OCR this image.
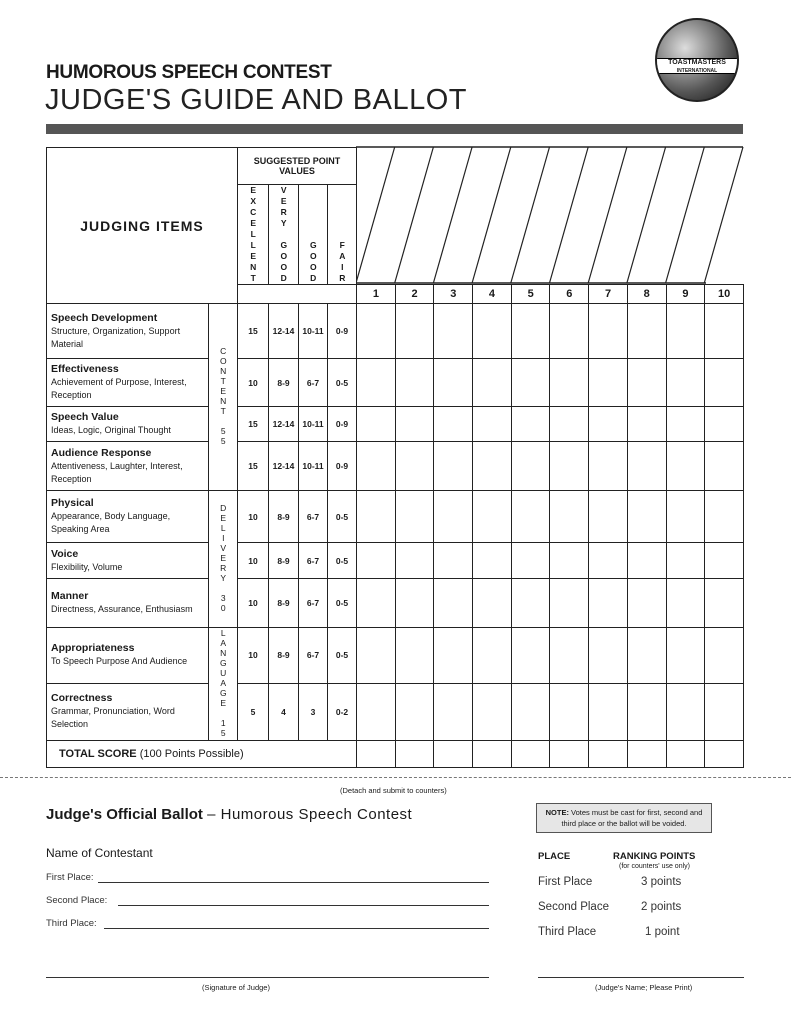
HUMOROUS SPEECH CONTEST
JUDGE'S GUIDE AND BALLOT
TOASTMASTERS
INTERNATIONAL
JUDGING ITEMS		SUGGESTED POINT VALUES													

		EXCELLENT	VERY GOOD	GOOD	FAIR										

						1	2	3	4	5	6	7	8	9	10

Speech Development
Structure, Organization, Support Material	CONTENT 55	15	12-14	10-11	0-9										

Effectiveness
Achievement of Purpose, Interest, Reception		10	8-9	6-7	0-5										

Speech Value
Ideas, Logic, Original Thought		15	12-14	10-11	0-9										

Audience Response
Attentiveness, Laughter, Interest, Reception		15	12-14	10-11	0-9										

Physical
Appearance, Body Language, Speaking Area	DELIVERY 30	10	8-9	6-7	0-5										

Voice
Flexibility, Volume		10	8-9	6-7	0-5										

Manner
Directness, Assurance, Enthusiasm		10	8-9	6-7	0-5										

Appropriateness
To Speech Purpose And Audience	LANGUAGE 15	10	8-9	6-7	0-5										

Correctness
Grammar, Pronunciation, Word Selection		5	4	3	0-2										
TOTAL SCORE (100 Points Possible)															
(Detach and submit to counters)
Judge's Official Ballot – Humorous Speech Contest	NOTE: Votes must be cast for first, second and third place or the ballot will be voided.
Name of Contestant
First Place:
Second Place:
Third Place:
PLACE	RANKING POINTS
(for counters' use only)
First Place	3 points
Second Place	2 points
Third Place	1 point
(Signature of Judge)	(Judge's Name; Please Print)
